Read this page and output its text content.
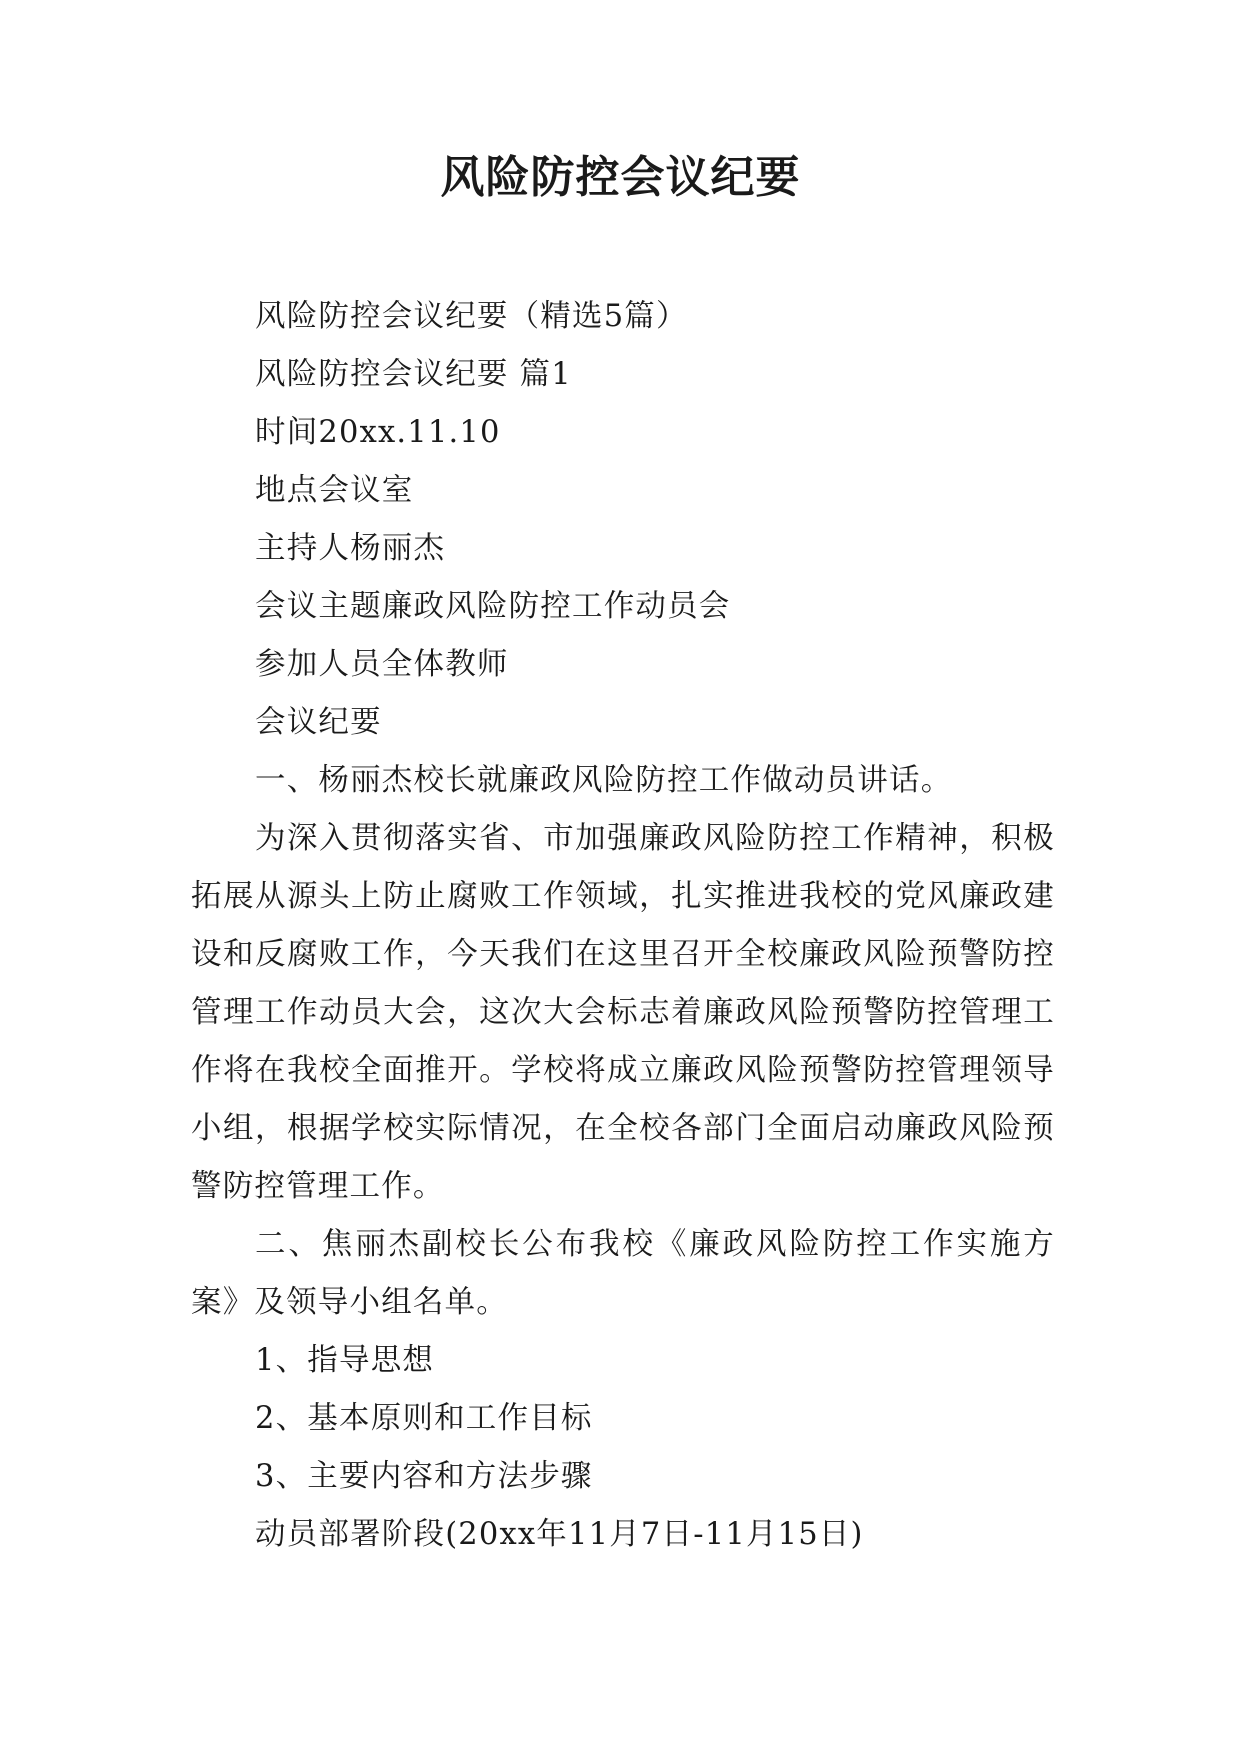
风险防控会议纪要

风险防控会议纪要（精选5篇）

风险防控会议纪要 篇1

时间20xx.11.10

地点会议室

主持人杨丽杰

会议主题廉政风险防控工作动员会

参加人员全体教师

会议纪要

一、杨丽杰校长就廉政风险防控工作做动员讲话。

为深入贯彻落实省、市加强廉政风险防控工作精神，积极拓展从源头上防止腐败工作领域，扎实推进我校的党风廉政建设和反腐败工作，今天我们在这里召开全校廉政风险预警防控管理工作动员大会，这次大会标志着廉政风险预警防控管理工作将在我校全面推开。学校将成立廉政风险预警防控管理领导小组，根据学校实际情况，在全校各部门全面启动廉政风险预警防控管理工作。

二、焦丽杰副校长公布我校《廉政风险防控工作实施方案》及领导小组名单。

1、指导思想

2、基本原则和工作目标

3、主要内容和方法步骤

动员部署阶段(20xx年11月7日-11月15日)
